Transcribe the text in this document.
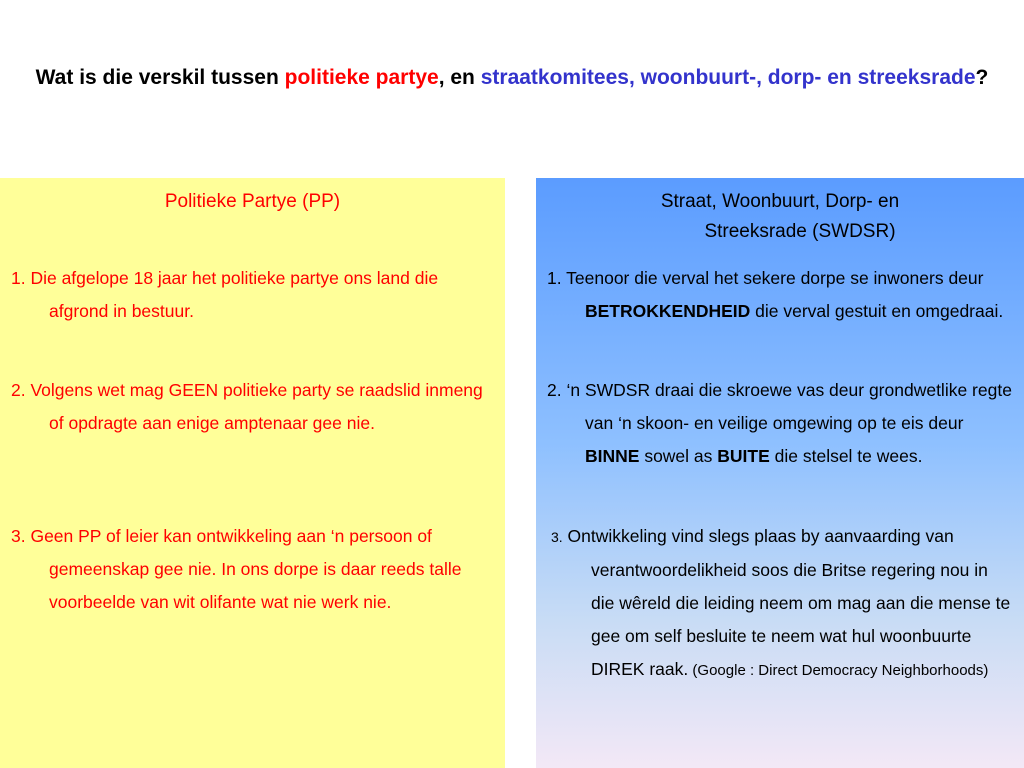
Wat is die verskil tussen politieke partye, en straatkomitees, woonbuurt-, dorp- en streeksrade?
Politieke Partye (PP)
1. Die afgelope 18 jaar het politieke partye ons land die afgrond in bestuur.
2. Volgens wet mag GEEN politieke party se raadslid inmeng of opdragte aan enige amptenaar gee nie.
3. Geen PP of leier kan ontwikkeling aan ‘n persoon of gemeenskap gee nie. In ons dorpe is daar reeds talle voorbeelde van wit olifante wat nie werk nie.
Straat, Woonbuurt, Dorp- en
Streeksrade (SWDSR)
1. Teenoor die verval het sekere dorpe se inwoners deur BETROKKENDHEID die verval gestuit en omgedraai.
2. ‘n SWDSR draai die skroewe vas deur grondwetlike regte van ‘n skoon- en veilige omgewing op te eis deur BINNE sowel as BUITE die stelsel te wees.
3. Ontwikkeling vind slegs plaas by aanvaarding van verantwoordelikheid soos die Britse regering nou in die wêreld die leiding neem om mag aan die mense te gee om self besluite te neem wat hul woonbuurte DIREK raak. (Google : Direct Democracy Neighborhoods)
